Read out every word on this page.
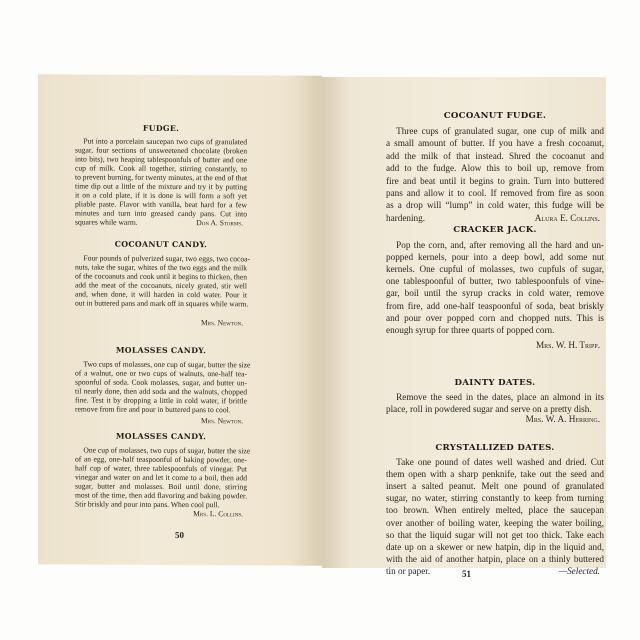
FUDGE.
Put into a porcelain saucepan two cups of granulated
sugar, four sections of unsweetened chocolate (broken
into bits), two heaping tablespoonfuls of butter and one
cup of milk. Cook all together, stirring constantly, to
to prevent burning, for twenty minutes, at the end of that
time dip out a little of the mixture and try it by putting
it on a cold plate, if it is done is will form a soft yet
pliable paste. Flavor with vanilla, beat hard for a few
minutes and turn into greased candy pans. Cut into
squares while warm.	Don A. Storms.
COCOANUT CANDY.
Four pounds of pulverized sugar, two eggs, two cocoa-
nuts, take the sugar, whites of the two eggs and the milk
of the cocoanuts and cook until it begins to thicken, then
add the meat of the cocoanuts, nicely grated, stir well
and, when done, it will harden in cold water. Pour it
out in buttered pans and mark off in squares while warm.
Mrs. Newton.
MOLASSES CANDY.
Two cups of molasses, one cup of sugar, butter the size
of a walnut, one or two cups of walnuts, one-half tea-
spoonful of soda. Cook molasses, sugar, and butter un-
til nearly done, then add soda and the walnuts, chopped
fine. Test it by dropping a little in cold water, if brittle
remove from fire and pour in buttered pans to cool.
Mrs. Newton.
MOLASSES CANDY.
One cup of molasses, two cups of sugar, butter the size
of an egg, one-half teaspoonful of baking powder, one-
half cup of water, three tablespoonfuls of vinegar. Put
vinegar and water on and let it come to a boil, then add
sugar, butter and molasses. Boil until done, stirring
most of the time, then add flavoring and baking powder.
Stir briskly and pour into pans. When cool pull.
Mrs. L. Collins.
50
COCOANUT FUDGE.
Three cups of granulated sugar, one cup of milk and
a small amount of butter. If you have a fresh cocoanut,
add the milk of that instead. Shred the cocoanut and
add to the fudge. Alow this to boil up, remove from
fire and beat until it begins to grain. Turn into buttered
pans and allow it to cool. If removed from fire as soon
as a drop will “lump” in cold water, this fudge will be
hardening.	Alura E. Collins.
CRACKER JACK.
Pop the corn, and, after removing all the hard and un-
popped kernels, pour into a deep bowl, add some nut
kernels. One cupful of molasses, two cupfuls of sugar,
one tablespoonful of butter, two tablespoonfuls of vine-
gar, boil until the syrup cracks in cold water, remove
from fire, add one-half teaspoonful of soda, beat briskly
and pour over popped corn and chopped nuts. This is
enough syrup for three quarts of popped corn.
Mrs. W. H. Tripp.
DAINTY DATES.
Remove the seed in the dates, place an almond in its
place, roll in powdered sugar and serve on a pretty dish.
Mrs. W. A. Herring.
CRYSTALLIZED DATES.
Take one pound of dates well washed and dried. Cut
them open with a sharp penknife, take out the seed and
insert a salted peanut. Melt one pound of granulated
sugar, no water, stirring constantly to keep from turning
too brown. When entirely melted, place the saucepan
over another of boiling water, keeping the water boiling,
so that the liquid sugar will not get too thick. Take each
date up on a skewer or new hatpin, dip in the liquid and,
with the aid of another hatpin, place on a thinly buttered
tin or paper.	—Selected.
51
